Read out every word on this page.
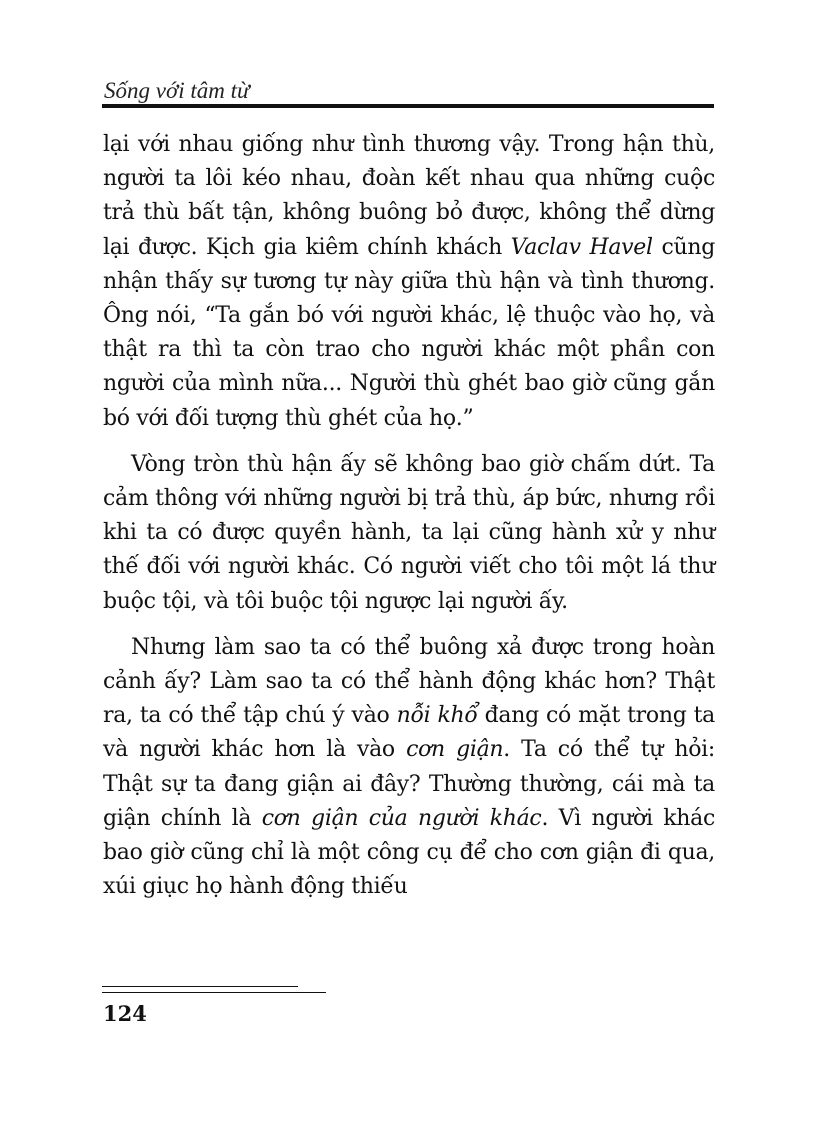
Sống với tâm từ

lại với nhau giống như tình thương vậy. Trong hận thù, người ta lôi kéo nhau, đoàn kết nhau qua những cuộc trả thù bất tận, không buông bỏ được, không thể dừng lại được. Kịch gia kiêm chính khách Vaclav Havel cũng nhận thấy sự tương tự này giữa thù hận và tình thương. Ông nói, “Ta gắn bó với người khác, lệ thuộc vào họ, và thật ra thì ta còn trao cho người khác một phần con người của mình nữa... Người thù ghét bao giờ cũng gắn bó với đối tượng thù ghét của họ.”

Vòng tròn thù hận ấy sẽ không bao giờ chấm dứt. Ta cảm thông với những người bị trả thù, áp bức, nhưng rồi khi ta có được quyền hành, ta lại cũng hành xử y như thế đối với người khác. Có người viết cho tôi một lá thư buộc tội, và tôi buộc tội ngược lại người ấy.

Nhưng làm sao ta có thể buông xả được trong hoàn cảnh ấy? Làm sao ta có thể hành động khác hơn? Thật ra, ta có thể tập chú ý vào nỗi khổ đang có mặt trong ta và người khác hơn là vào cơn giận. Ta có thể tự hỏi: Thật sự ta đang giận ai đây? Thường thường, cái mà ta giận chính là cơn giận của người khác. Vì người khác bao giờ cũng chỉ là một công cụ để cho cơn giận đi qua, xúi giục họ hành động thiếu

124
